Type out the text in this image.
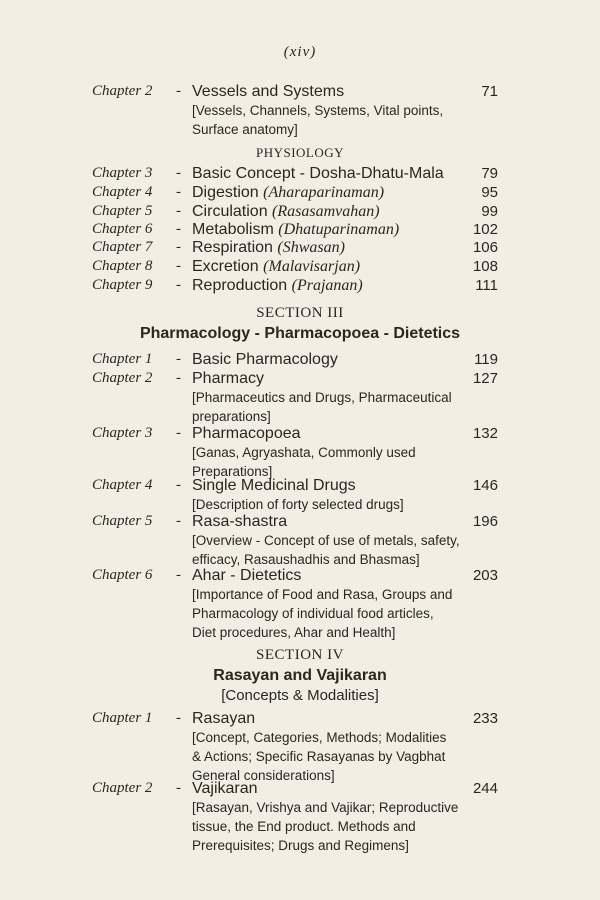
(xiv)
PHYSIOLOGY
SECTION III
Pharmacology - Pharmacopoea - Dietetics
SECTION IV
Rasayan and Vajikaran
[Concepts & Modalities]
Chapter 2 - Vessels and Systems	71
[Vessels, Channels, Systems, Vital points,
Surface anatomy]
Chapter 3 - Basic Concept - Dosha-Dhatu-Mala	79
Chapter 4 - Digestion (Aharaparinaman)	95
Chapter 5 - Circulation (Rasasamvahan)	99
Chapter 6 - Metabolism (Dhatuparinaman)	102
Chapter 7 - Respiration (Shwasan)	106
Chapter 8 - Excretion (Malavisarjan)	108
Chapter 9 - Reproduction (Prajanan)	111
Chapter 1 - Basic Pharmacology	119
Chapter 2 - Pharmacy	127
[Pharmaceutics and Drugs, Pharmaceutical
preparations]
Chapter 3 - Pharmacopoea	132
[Ganas, Agryashata, Commonly used
Preparations]
Chapter 4 - Single Medicinal Drugs	146
[Description of forty selected drugs]
Chapter 5 - Rasa-shastra	196
[Overview - Concept of use of metals, safety,
efficacy, Rasaushadhis and Bhasmas]
Chapter 6 - Ahar - Dietetics	203
[Importance of Food and Rasa, Groups and
Pharmacology of individual food articles,
Diet procedures, Ahar and Health]
Chapter 1 - Rasayan	233
[Concept, Categories, Methods; Modalities
& Actions; Specific Rasayanas by Vagbhat
General considerations]
Chapter 2 - Vajikaran	244
[Rasayan, Vrishya and Vajikar; Reproductive
tissue, the End product. Methods and
Prerequisites; Drugs and Regimens]
